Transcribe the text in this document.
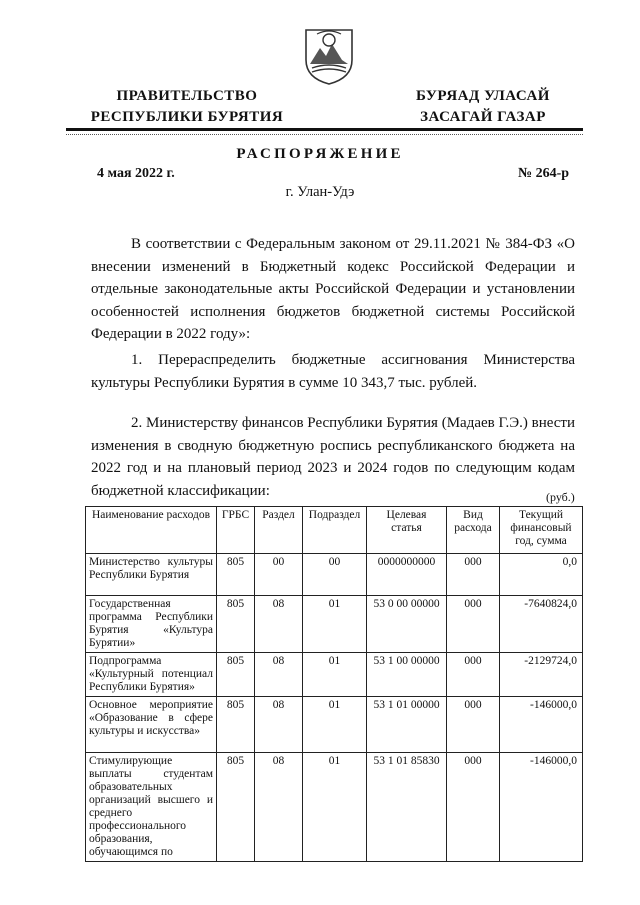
ПРАВИТЕЛЬСТВО
РЕСПУБЛИКИ БУРЯТИЯ
БУРЯАД УЛАСАЙ
ЗАСАГАЙ ГАЗАР
РАСПОРЯЖЕНИЕ
4 мая 2022 г.	№ 264-р
г. Улан-Удэ
В соответствии с Федеральным законом от 29.11.2021 № 384-ФЗ «О внесении изменений в Бюджетный кодекс Российской Федерации и отдельные законодательные акты Российской Федерации и установлении особенностей исполнения бюджетов бюджетной системы Российской Федерации в 2022 году»:
1. Перераспределить бюджетные ассигнования Министерства культуры Республики Бурятия в сумме 10 343,7 тыс. рублей.
2. Министерству финансов Республики Бурятия (Мадаев Г.Э.) внести изменения в сводную бюджетную роспись республиканского бюджета на 2022 год и на плановый период 2023 и 2024 годов по следующим кодам бюджетной классификации:	(руб.)
Наименование расходов	ГРБС	Раздел	Подраздел	Целевая статья	Вид расхода	Текущий финансовый год, сумма
Министерство культуры Республики Бурятия	805	00	00	0000000000	000	0,0
Государственная программа Республики Бурятия «Культура Бурятии»	805	08	01	53 0 00 00000	000	-7640824,0
Подпрограмма «Культурный потенциал Республики Бурятия»	805	08	01	53 1 00 00000	000	-2129724,0
Основное мероприятие «Образование в сфере культуры и искусства»	805	08	01	53 1 01 00000	000	-146000,0
Стимулирующие выплаты студентам образовательных организаций высшего и среднего профессионального образования, обучающимся по	805	08	01	53 1 01 85830	000	-146000,0
